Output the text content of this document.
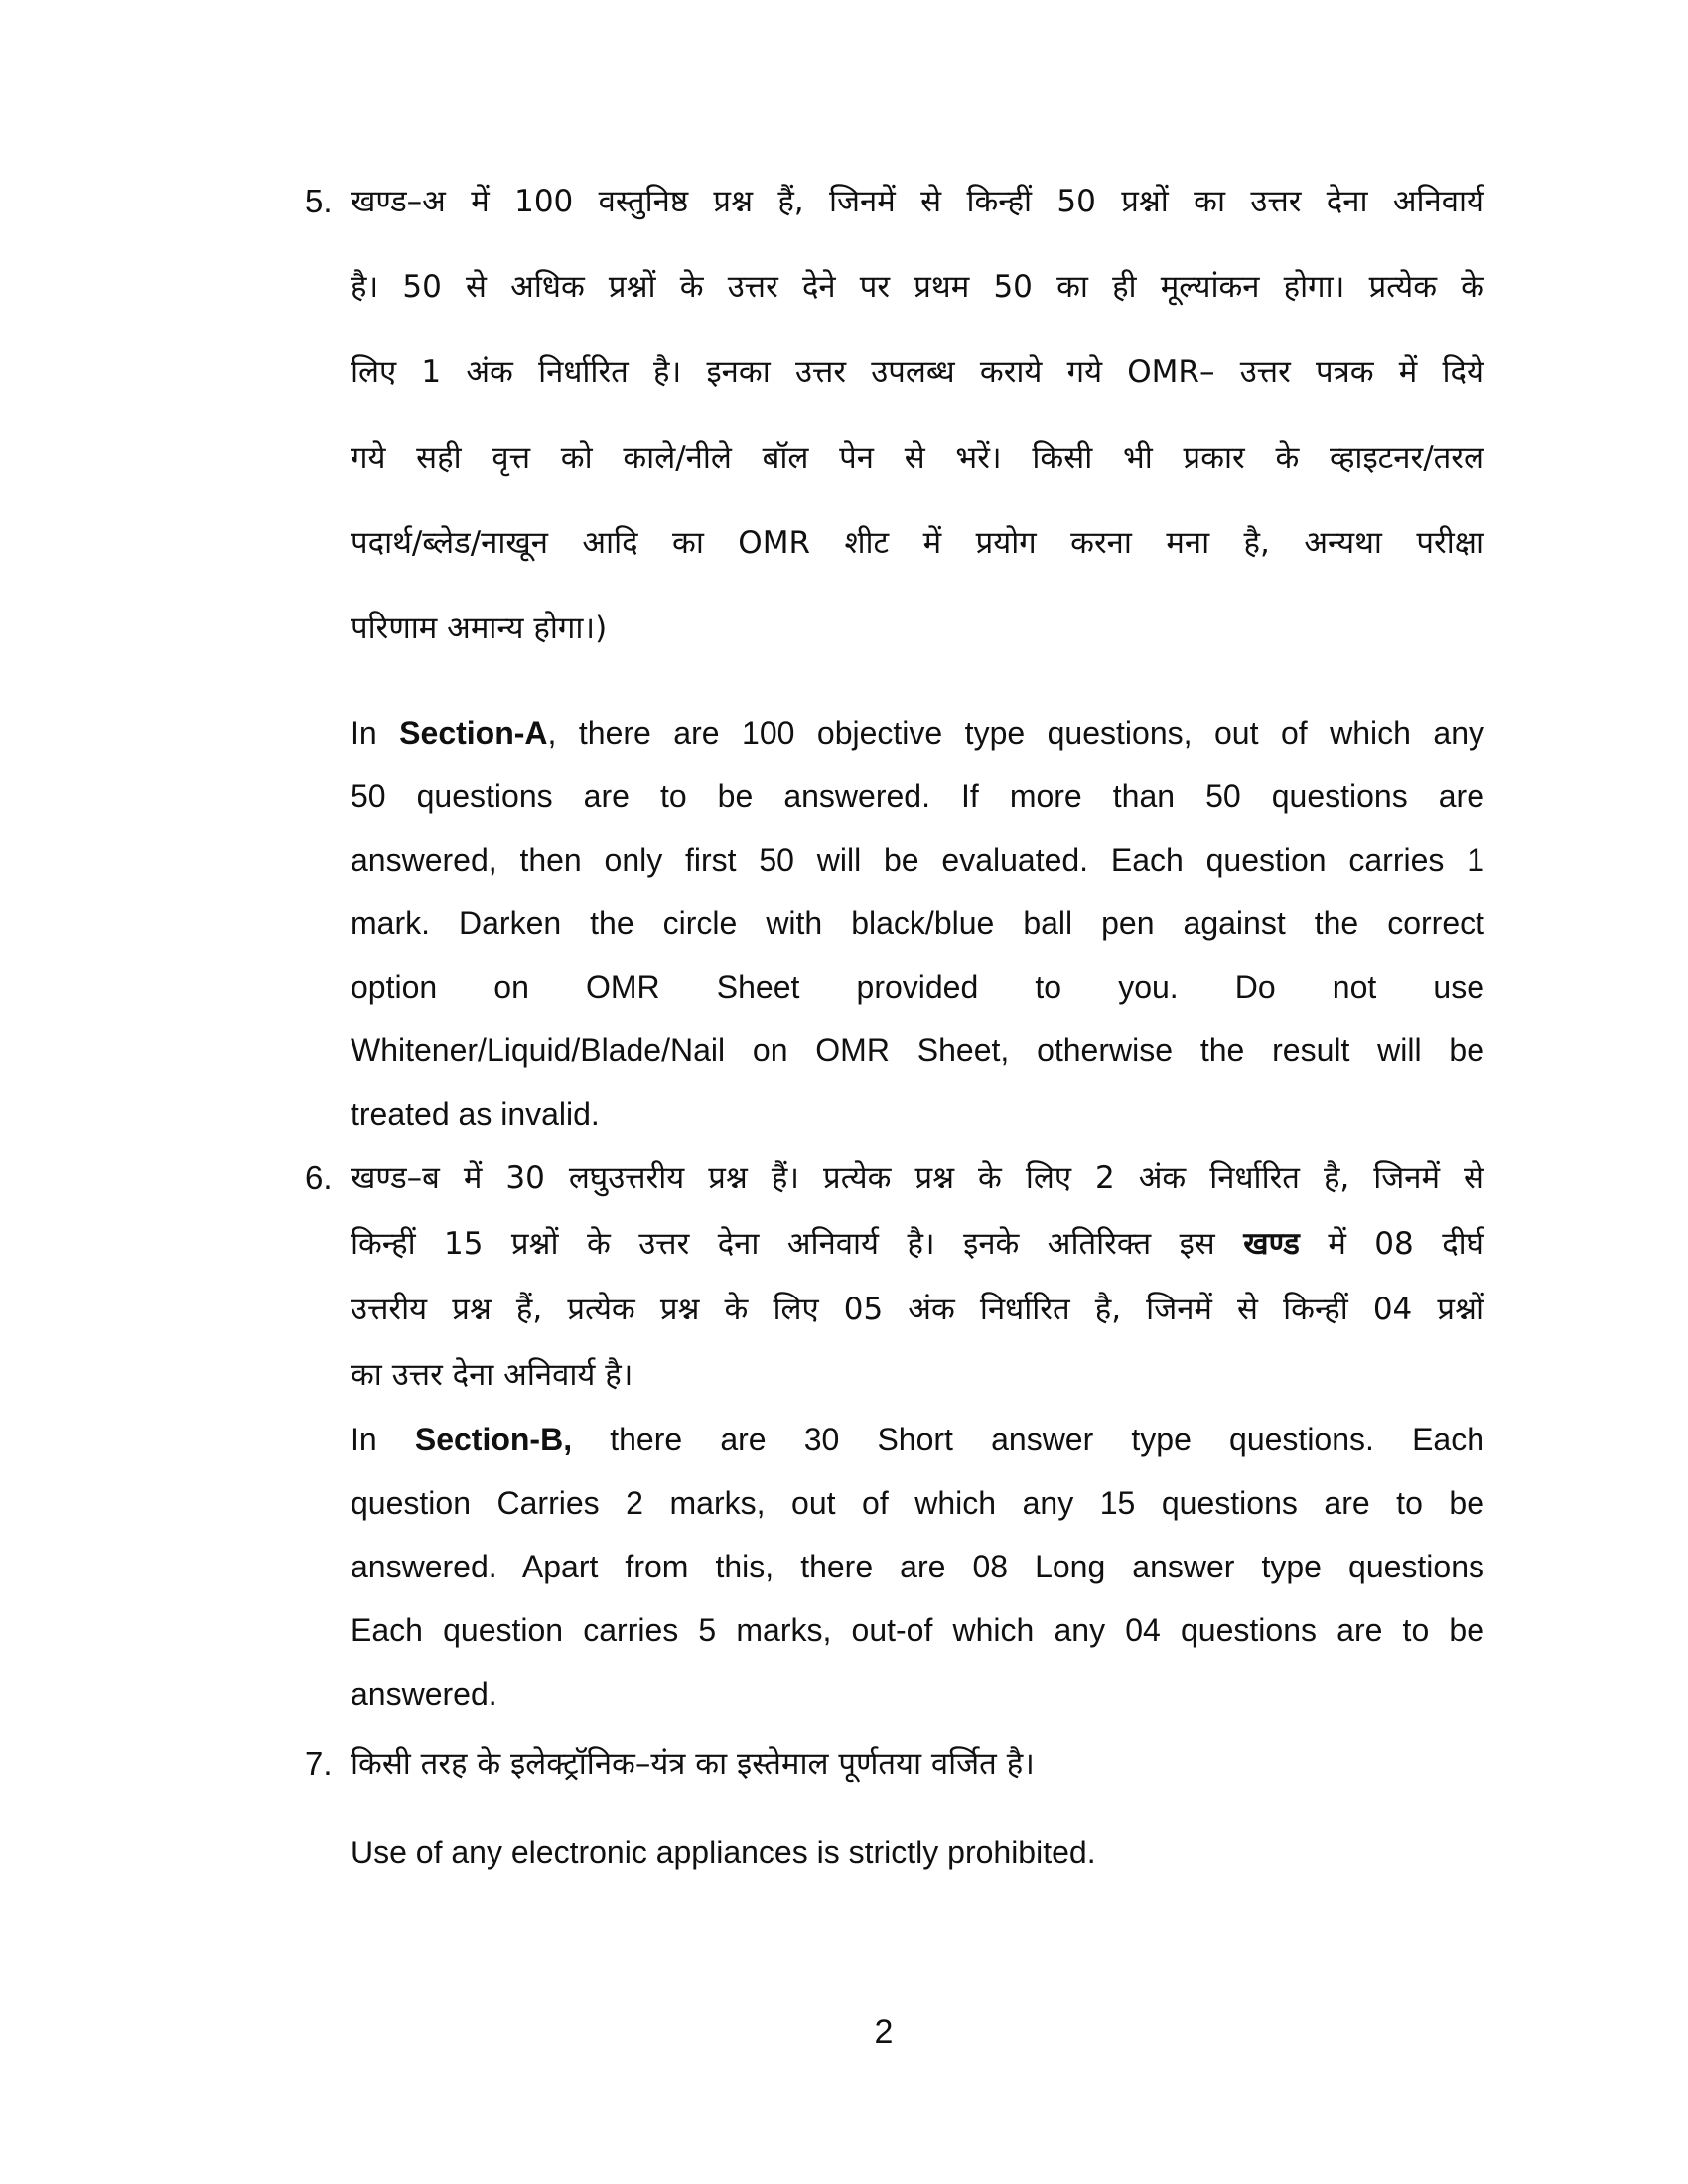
5. खण्ड–अ में 100 वस्तुनिष्ठ प्रश्न हैं, जिनमें से किन्हीं 50 प्रश्नों का उत्तर देना अनिवार्य
है। 50 से अधिक प्रश्नों के उत्तर देने पर प्रथम 50 का ही मूल्यांकन होगा। प्रत्येक के
लिए 1 अंक निर्धारित है। इनका उत्तर उपलब्ध कराये गये OMR– उत्तर पत्रक में दिये
गये सही वृत्त को काले/नीले बॉल पेन से भरें। किसी भी प्रकार के व्हाइटनर/तरल
पदार्थ/ब्लेड/नाखून आदि का OMR शीट में प्रयोग करना मना है, अन्यथा परीक्षा
परिणाम अमान्य होगा।)
In Section-A, there are 100 objective type questions, out of which any
50 questions are to be answered. If more than 50 questions are
answered, then only first 50 will be evaluated. Each question carries 1
mark. Darken the circle with black/blue ball pen against the correct
option on OMR Sheet provided to you. Do not use
Whitener/Liquid/Blade/Nail on OMR Sheet, otherwise the result will be
treated as invalid.
6. खण्ड–ब में 30 लघुउत्तरीय प्रश्न हैं। प्रत्येक प्रश्न के लिए 2 अंक निर्धारित है, जिनमें से
किन्हीं 15 प्रश्नों के उत्तर देना अनिवार्य है। इनके अतिरिक्त इस खण्ड में 08 दीर्घ
उत्तरीय प्रश्न हैं, प्रत्येक प्रश्न के लिए 05 अंक निर्धारित है, जिनमें से किन्हीं 04 प्रश्नों
का उत्तर देना अनिवार्य है।
In Section-B, there are 30 Short answer type questions. Each
question Carries 2 marks, out of which any 15 questions are to be
answered. Apart from this, there are 08 Long answer type questions
Each question carries 5 marks, out-of which any 04 questions are to be
answered.
7. किसी तरह के इलेक्ट्रॉनिक–यंत्र का इस्तेमाल पूर्णतया वर्जित है।
Use of any electronic appliances is strictly prohibited.
2
